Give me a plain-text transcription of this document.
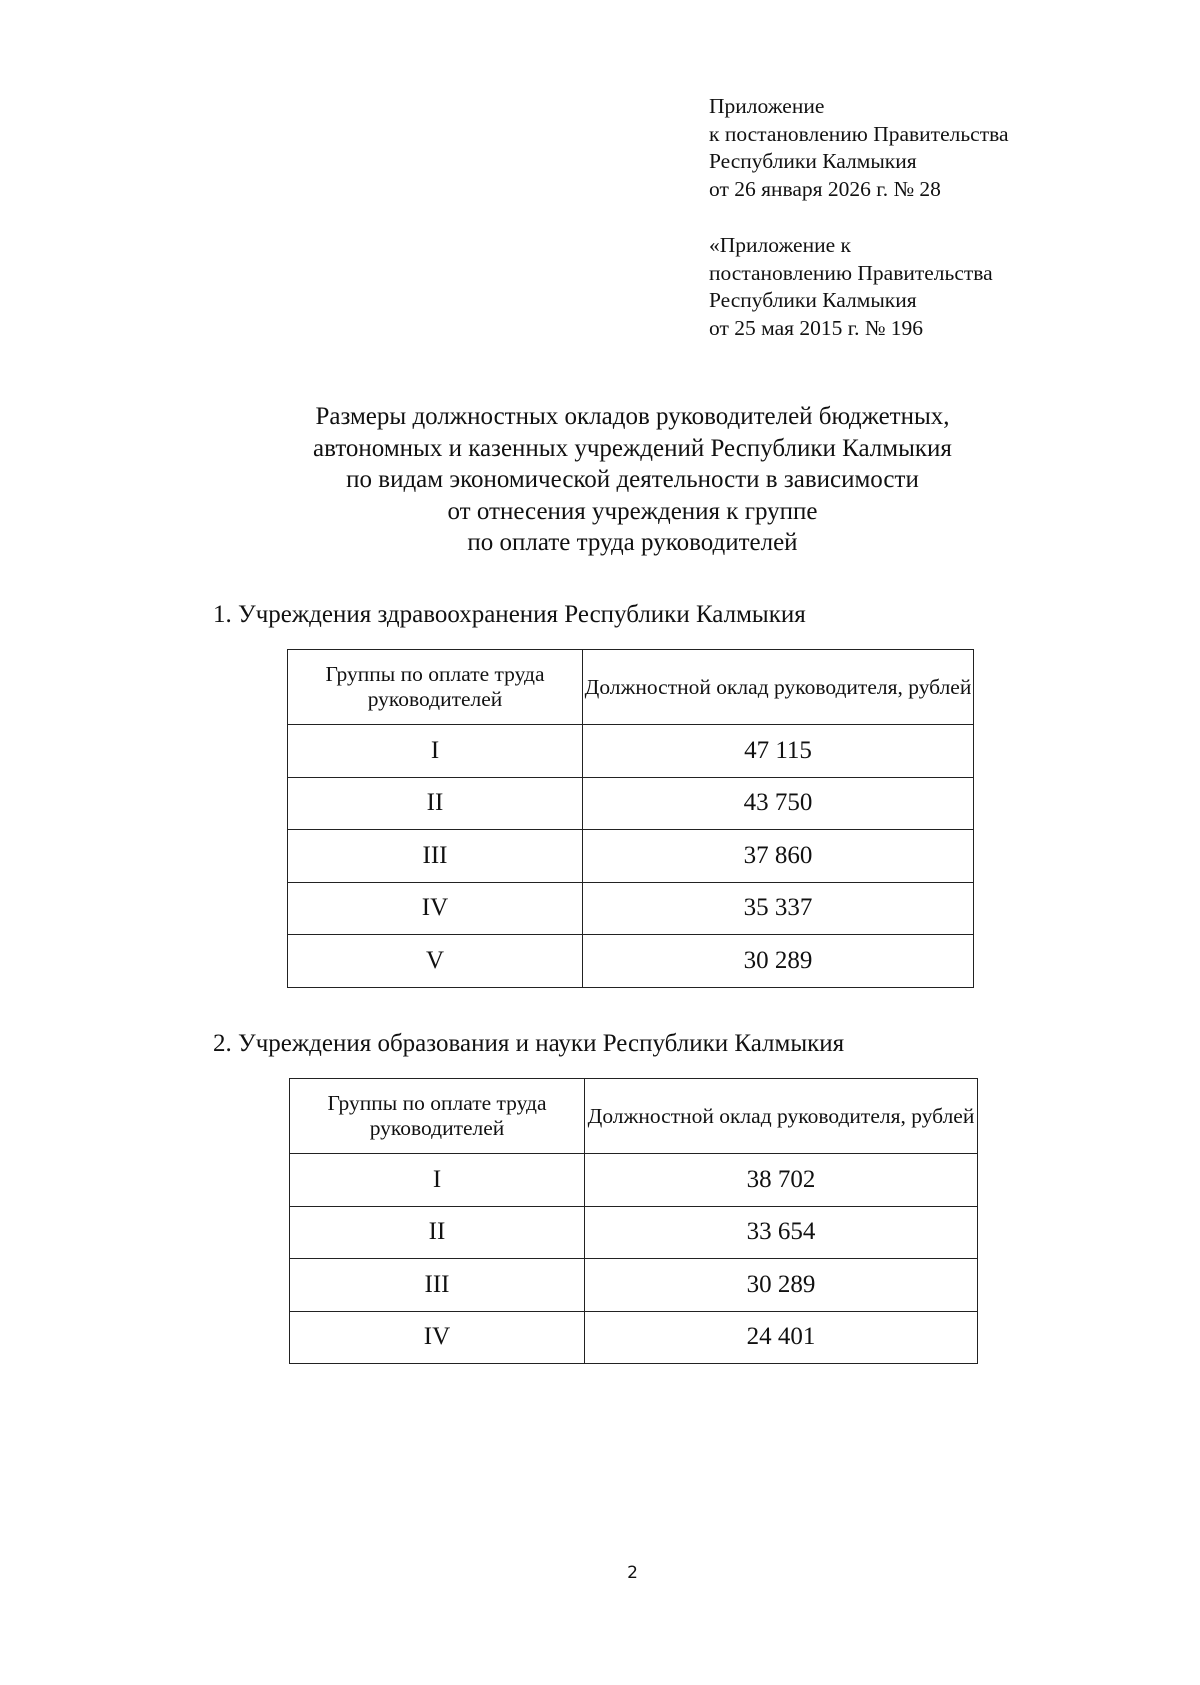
Приложение

к постановлению Правительства

Республики Калмыкия

от 26 января 2026 г. № 28

«Приложение к

постановлению Правительства

Республики Калмыкия

от 25 мая 2015 г. № 196

Размеры должностных окладов руководителей бюджетных,

автономных и казенных учреждений Республики Калмыкия

по видам экономической деятельности в зависимости

от отнесения учреждения к группе

по оплате труда руководителей

1. Учреждения здравоохранения Республики Калмыкия

Группы по оплате труда руководителей	Должностной оклад руководителя, рублей
I	47 115
II	43 750
III	37 860
IV	35 337
V	30 289

2. Учреждения образования и науки Республики Калмыкия

Группы по оплате труда руководителей	Должностной оклад руководителя, рублей
I	38 702
II	33 654
III	30 289
IV	24 401
2
